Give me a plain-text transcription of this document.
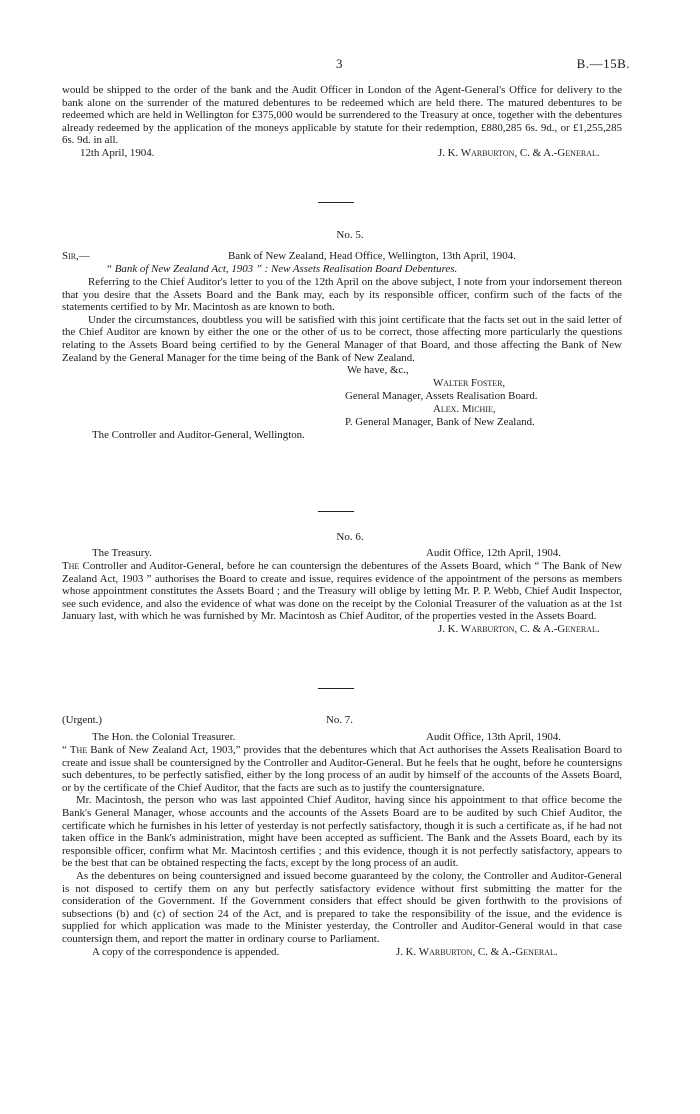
3	B.—15B.

would be shipped to the order of the bank and the Audit Officer in London of the Agent-General's Office for delivery to the bank alone on the surrender of the matured debentures to be redeemed which are held there. The matured debentures to be redeemed which are held in Wellington for £375,000 would be surrendered to the Treasury at once, together with the debentures already redeemed by the application of the moneys applicable by statute for their redemption, £880,285 6s. 9d., or £1,255,285 6s. 9d. in all.

12th April, 1904.	J. K. Warburton, C. & A.-General.
No. 5.
Sir,—	Bank of New Zealand, Head Office, Wellington, 13th April, 1904.
“ Bank of New Zealand Act, 1903 ” : New Assets Realisation Board Debentures.

Referring to the Chief Auditor's letter to you of the 12th April on the above subject, I note from your indorsement thereon that you desire that the Assets Board and the Bank may, each by its responsible officer, confirm such of the facts of the statements certified to by Mr. Macintosh as are known to both.

Under the circumstances, doubtless you will be satisfied with this joint certificate that the facts set out in the said letter of the Chief Auditor are known by either the one or the other of us to be correct, those affecting more particularly the questions relating to the Assets Board being certified to by the General Manager of that Board, and those affecting the Bank of New Zealand by the General Manager for the time being of the Bank of New Zealand.

We have, &c.,
Walter Foster,
General Manager, Assets Realisation Board.
Alex. Michie,
P. General Manager, Bank of New Zealand.
The Controller and Auditor-General, Wellington.
No. 6.
The Treasury.	Audit Office, 12th April, 1904.

The Controller and Auditor-General, before he can countersign the debentures of the Assets Board, which “ The Bank of New Zealand Act, 1903 ” authorises the Board to create and issue, requires evidence of the appointment of the persons as members whose appointment constitutes the Assets Board ; and the Treasury will oblige by letting Mr. P. P. Webb, Chief Audit Inspector, see such evidence, and also the evidence of what was done on the receipt by the Colonial Treasurer of the valuation as at the 1st January last, with which he was furnished by Mr. Macintosh as Chief Auditor, of the properties vested in the Assets Board.

J. K. Warburton, C. & A.-General.
(Urgent.)	No. 7.
The Hon. the Colonial Treasurer.	Audit Office, 13th April, 1904.

“ The Bank of New Zealand Act, 1903,” provides that the debentures which that Act authorises the Assets Realisation Board to create and issue shall be countersigned by the Controller and Auditor-General. But he feels that he ought, before he countersigns such debentures, to be perfectly satisfied, either by the long process of an audit by himself of the accounts of the Assets Board, or by the certificate of the Chief Auditor, that the facts are such as to justify the countersignature.

Mr. Macintosh, the person who was last appointed Chief Auditor, having since his appointment to that office become the Bank's General Manager, whose accounts and the accounts of the Assets Board are to be audited by such Chief Auditor, the certificate which he furnishes in his letter of yesterday is not perfectly satisfactory, though it is such a certificate as, if he had not taken office in the Bank's administration, might have been accepted as sufficient. The Bank and the Assets Board, each by its responsible officer, confirm what Mr. Macintosh certifies ; and this evidence, though it is not perfectly satisfactory, appears to be the best that can be obtained respecting the facts, except by the long process of an audit.

As the debentures on being countersigned and issued become guaranteed by the colony, the Controller and Auditor-General is not disposed to certify them on any but perfectly satisfactory evidence without first submitting the matter for the consideration of the Government. If the Government considers that effect should be given forthwith to the provisions of subsections (b) and (c) of section 24 of the Act, and is prepared to take the responsibility of the issue, and the evidence is supplied for which application was made to the Minister yesterday, the Controller and Auditor-General would in that case countersign them, and report the matter in ordinary course to Parliament.

A copy of the correspondence is appended.	J. K. Warburton, C. & A.-General.
